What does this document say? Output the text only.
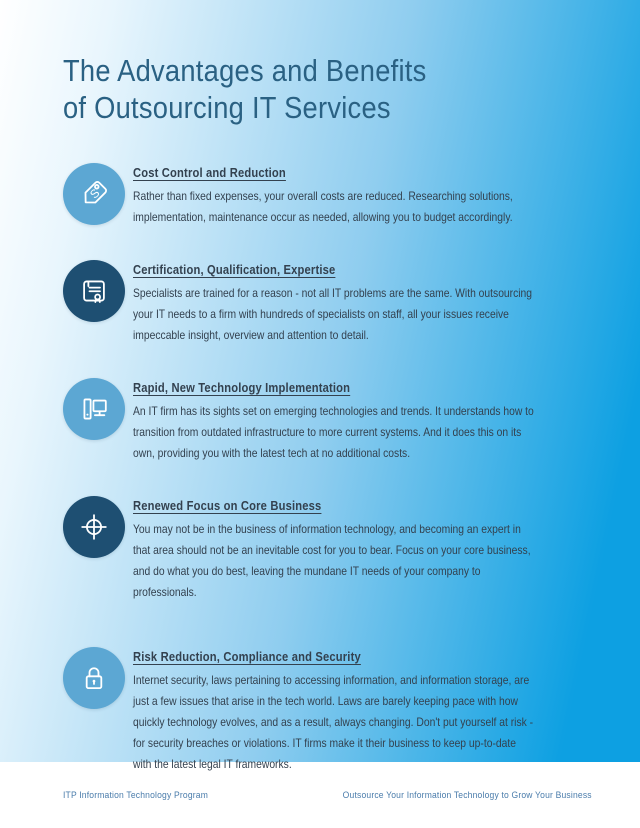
The Advantages and Benefits
of Outsourcing IT Services
S
Cost Control and Reduction

Rather than fixed expenses, your overall costs are reduced. Researching solutions, implementation, maintenance occur as needed, allowing you to budget accordingly.

Certification, Qualification, Expertise

Specialists are trained for a reason - not all IT problems are the same. With outsourcing your IT needs to a firm with hundreds of specialists on staff, all your issues receive impeccable insight, overview and attention to detail.

Rapid, New Technology Implementation

An IT firm has its sights set on emerging technologies and trends. It understands how to transition from outdated infrastructure to more current systems. And it does this on its own, providing you with the latest tech at no additional costs.

Renewed Focus on Core Business

You may not be in the business of information technology, and becoming an expert in that area should not be an inevitable cost for you to bear. Focus on your core business, and do what you do best, leaving the mundane IT needs of your company to professionals.

Risk Reduction, Compliance and Security

Internet security, laws pertaining to accessing information, and information storage, are just a few issues that arise in the tech world. Laws are barely keeping pace with how quickly technology evolves, and as a result, always changing. Don't put yourself at risk - for security breaches or violations. IT firms make it their business to keep up-to-date with the latest legal IT frameworks.

ITP Information Technology Program	Outsource Your Information Technology to Grow Your Business
